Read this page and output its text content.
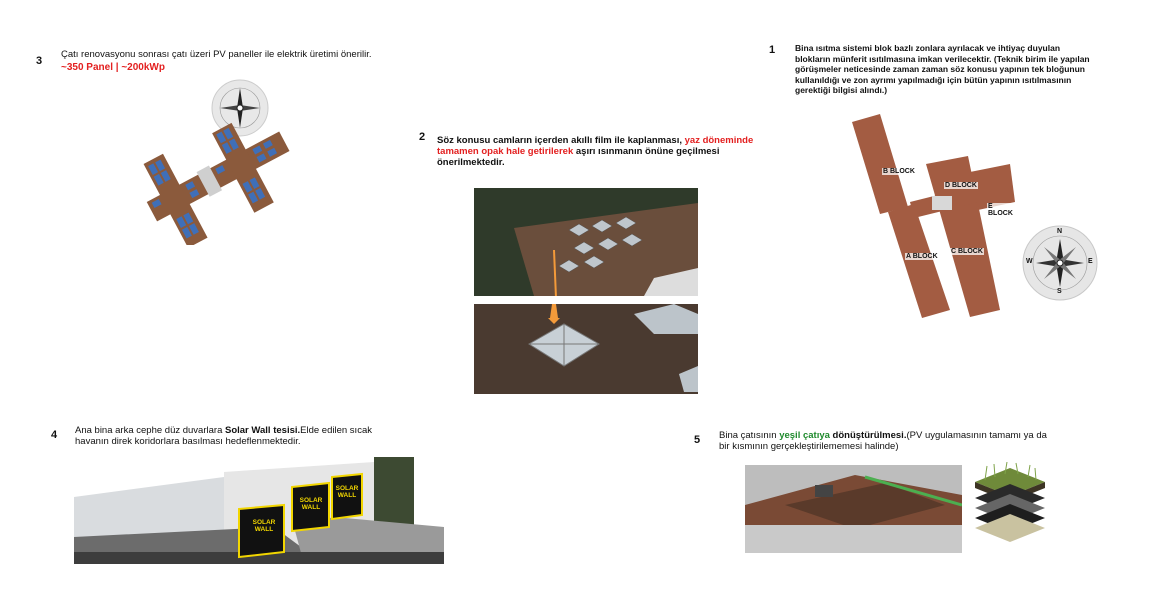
3
Çatı renovasyonu sonrası çatı üzeri PV paneller ile elektrik üretimi önerilir.
~350 Panel | ~200kWp
2 Söz konusu camların içerden akıllı film ile kaplanması, yaz döneminde tamamen opak hale getirilerek aşırı ısınmanın önüne geçilmesi önerilmektedir.
1 Bina ısıtma sistemi blok bazlı zonlara ayrılacak ve ihtiyaç duyulan blokların münferit ısıtılmasına imkan verilecektir. (Teknik birim ile yapılan görüşmeler neticesinde zaman zaman söz konusu yapının tek bloğunun kullanıldığı ve zon ayrımı yapılmadığı için bütün yapının ısıtılmasının gerektiği bilgisi alındı.)
B BLOCK
D BLOCK
E BLOCK
A BLOCK
C BLOCK
N
S
E
W
4 Ana bina arka cephe düz duvarlara Solar Wall tesisi.Elde edilen sıcak havanın direk koridorlara basılması hedeflenmektedir.
SOLAR WALL
SOLAR WALL
SOLAR WALL
5 Bina çatısının yeşil çatıya dönüştürülmesi.(PV uygulamasının tamamı ya da bir kısmının gerçekleştirilememesi halinde)
